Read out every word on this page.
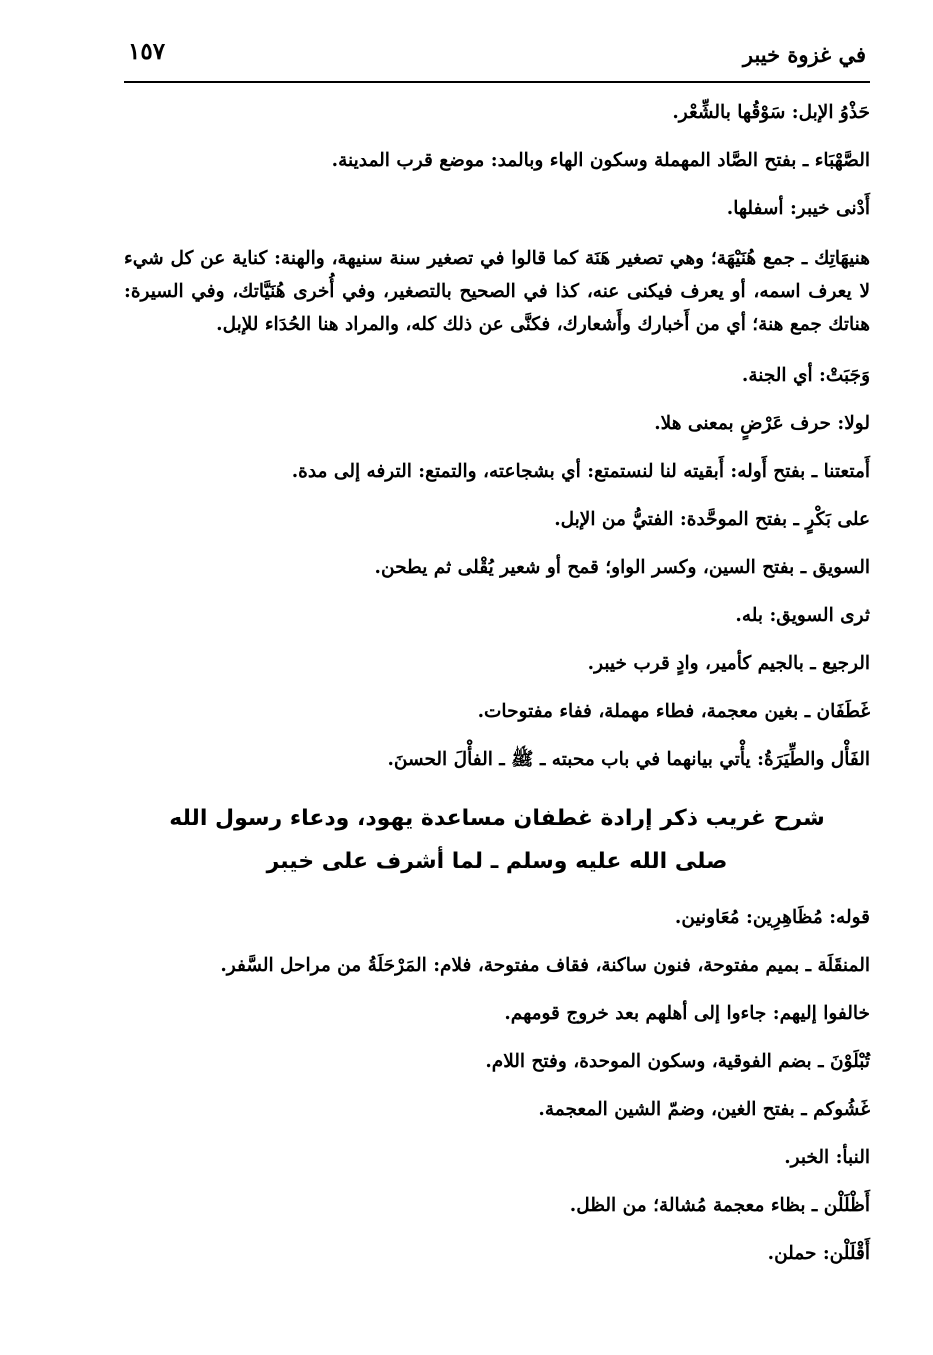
في غزوة خيبر
١٥٧

حَذْوُ الإبل: سَوْقُها بالشِّعْر.

الصَّهْبَاء ـ بفتح الصَّاد المهملة وسكون الهاء وبالمد: موضع قرب المدينة.

أَدْنى خيبر: أسفلها.

هنيهَاتِك ـ جمع هُنَيْهَة؛ وهي تصغير هَنَة كما قالوا في تصغير سنة سنيهة، والهنة: كناية عن كل شيء لا يعرف اسمه، أو يعرف فيكنى عنه، كذا في الصحيح بالتصغير، وفي أُخرى هُنَيَّاتك، وفي السيرة: هناتك جمع هنة؛ أي من أَخبارك وأَشعارك، فكنَّى عن ذلك كله، والمراد هنا الحُدَاء للإبل.

وَجَبَتْ: أي الجنة.

لولا: حرف عَرْضٍ بمعنى هلا.

أَمتعتنا ـ بفتح أَوله: أَبقيته لنا لنستمتع: أي بشجاعته، والتمتع: الترفه إلى مدة.

على بَكْرٍ ـ بفتح الموحَّدة: الفتيُّ من الإبل.

السويق ـ بفتح السين، وكسر الواو؛ قمح أو شعير يُقْلى ثم يطحن.

ثرى السويق: بله.

الرجيع ـ بالجيم كأمير، وادٍ قرب خيبر.

غَطَفَان ـ بغين معجمة، فطاء مهملة، ففاء مفتوحات.

الفَأْل والطِّيَرَةُ: يأْتي بيانهما في باب محبته ـ ﷺ ـ الفأْلَ الحسنَ.

شرح غريب ذكر إرادة غطفان مساعدة يهود، ودعاء رسول الله
صلى الله عليه وسلم ـ لما أشرف على خيبر

قوله: مُظَاهِرِين: مُعَاونين.

المنقَلَة ـ بميم مفتوحة، فنون ساكنة، فقاف مفتوحة، فلام: المَرْحَلَةُ من مراحل السَّفر.

خالفوا إليهم: جاءوا إلى أهلهم بعد خروج قومهم.

تُبْلَوْنَ ـ بضم الفوقية، وسكون الموحدة، وفتح اللام.

غَشُوكم ـ بفتح الغين، وضمّ الشين المعجمة.

النبأ: الخبر.

أَظْلَلْن ـ بظاء معجمة مُشالة؛ من الظل.

أَقْلَلْن: حملن.
